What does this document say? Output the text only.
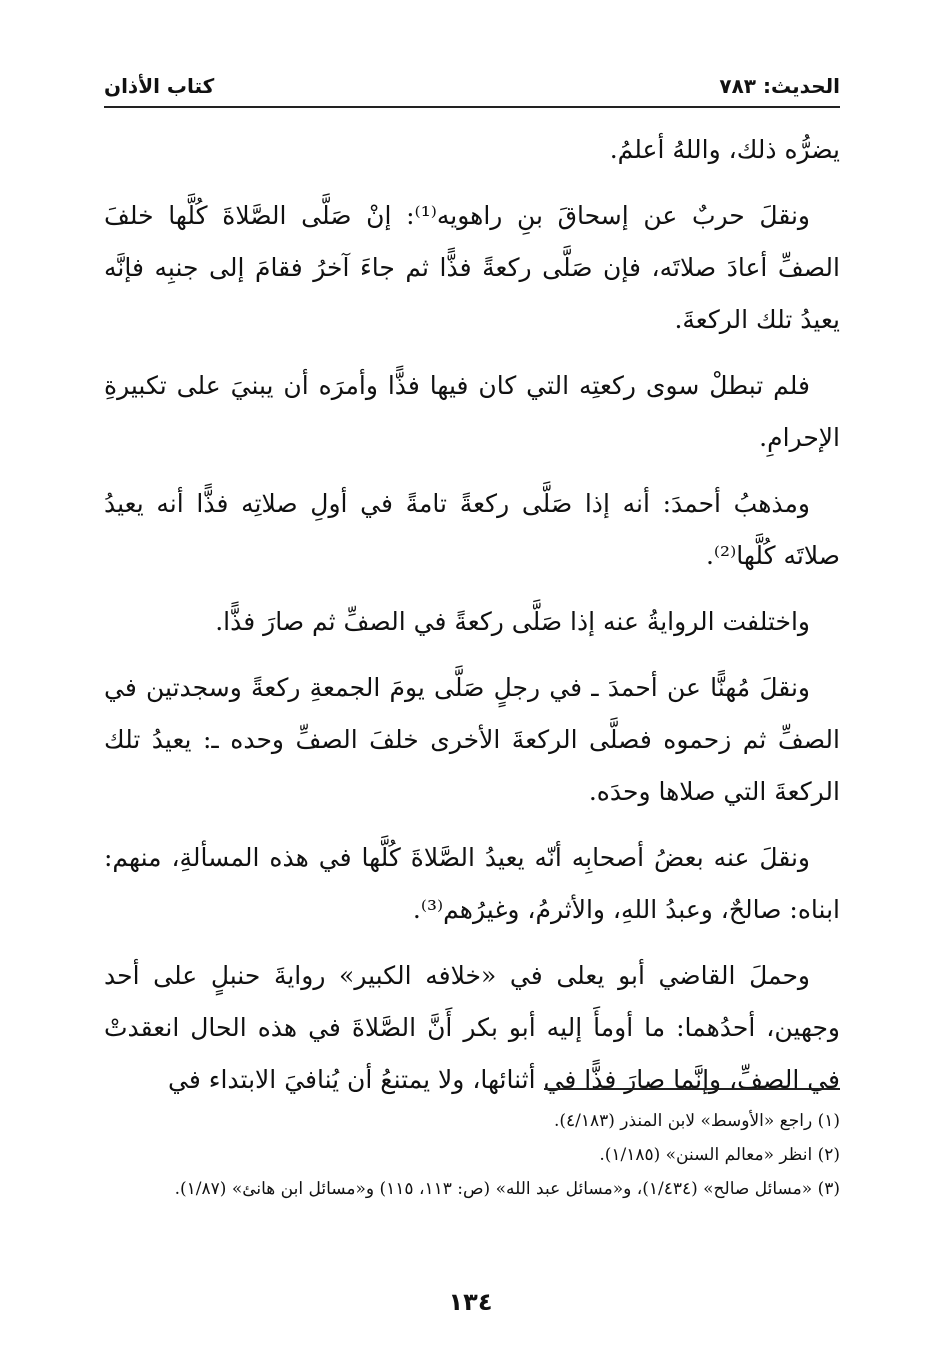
الحديث: ٧٨٣
كتاب الأذان

يضرُّه ذلك، واللهُ أعلمُ.

ونقلَ حربٌ عن إسحاقَ بنِ راهويه⁽¹⁾: إنْ صَلَّى الصَّلاةَ كُلَّها خلفَ الصفِّ أعادَ صلاتَه، فإن صَلَّى ركعةً فذًّا ثم جاءَ آخرُ فقامَ إلى جنبِه فإنَّه يعيدُ تلك الركعةَ.

فلم تبطلْ سوى ركعتِه التي كان فيها فذًّا وأمرَه أن يبنيَ على تكبيرةِ الإحرامِ.

ومذهبُ أحمدَ: أنه إذا صَلَّى ركعةً تامةً في أولِ صلاتِه فذًّا أنه يعيدُ صلاتَه كُلَّها⁽²⁾.

واختلفت الروايةُ عنه إذا صَلَّى ركعةً في الصفِّ ثم صارَ فذًّا.

ونقلَ مُهنًّا عن أحمدَ ـ في رجلٍ صَلَّى يومَ الجمعةِ ركعةً وسجدتين في الصفِّ ثم زحموه فصلَّى الركعةَ الأخرى خلفَ الصفِّ وحده ـ: يعيدُ تلك الركعةَ التي صلاها وحدَه.

ونقلَ عنه بعضُ أصحابِه أنّه يعيدُ الصَّلاةَ كُلَّها في هذه المسألةِ، منهم: ابناه: صالحٌ، وعبدُ اللهِ، والأثرمُ، وغيرُهم⁽³⁾.

وحملَ القاضي أبو يعلى في «خلافه الكبير» روايةَ حنبلٍ على أحد وجهين، أحدُهما: ما أومأَ إليه أبو بكر أَنَّ الصَّلاةَ في هذه الحال انعقدتْ في الصفِّ، وإنَّما صارَ فذًّا في أثنائها، ولا يمتنعُ أن يُنافيَ الابتداء في

(١) راجع «الأوسط» لابن المنذر (٤/١٨٣).

(٢) انظر «معالم السنن» (١/١٨٥).

(٣) «مسائل صالح» (١/٤٣٤)، و«مسائل عبد الله» (ص: ١١٣، ١١٥) و«مسائل ابن هانئ» (١/٨٧).

١٣٤
